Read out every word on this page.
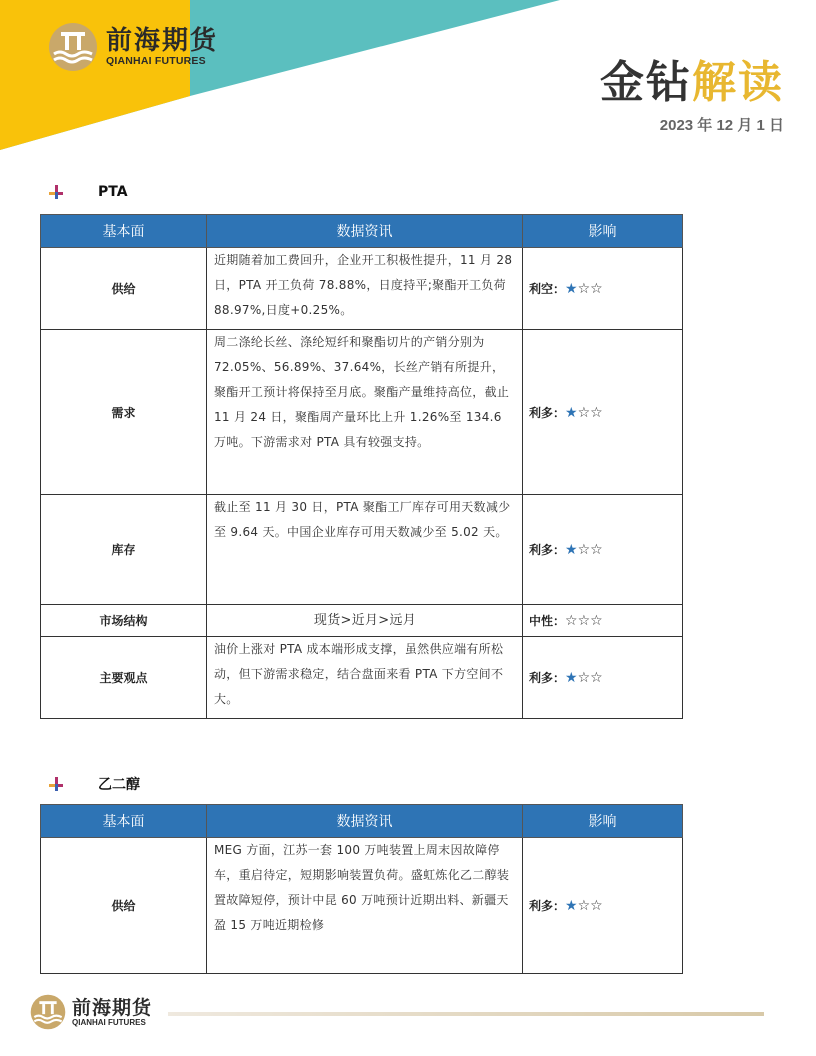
前海期货
QIANHAI FUTURES	金钻解读
2023 年 12 月 1 日
PTA
基本面	数据资讯	影响
供给	近期随着加工费回升，企业开工积极性提升，11 月 28 日，PTA 开工负荷 78.88%，日度持平;聚酯开工负荷 88.97%,日度+0.25%。	利空：★☆☆
需求	周二涤纶长丝、涤纶短纤和聚酯切片的产销分别为 72.05%、56.89%、37.64%，长丝产销有所提升，聚酯开工预计将保持至月底。聚酯产量维持高位，截止 11 月 24 日，聚酯周产量环比上升 1.26%至 134.6 万吨。下游需求对 PTA 具有较强支持。	利多：★☆☆
库存	截止至 11 月 30 日，PTA 聚酯工厂库存可用天数减少至 9.64 天。中国企业库存可用天数减少至 5.02 天。	利多：★☆☆
市场结构	现货>近月>远月	中性：☆☆☆
主要观点	油价上涨对 PTA 成本端形成支撑，虽然供应端有所松动，但下游需求稳定，结合盘面来看 PTA 下方空间不大。	利多：★☆☆
乙二醇
基本面	数据资讯	影响
供给	MEG 方面，江苏一套 100 万吨装置上周末因故障停车，重启待定，短期影响装置负荷。盛虹炼化乙二醇装置故障短停，预计中昆 60 万吨预计近期出料、新疆天盈 15 万吨近期检修	利多：★☆☆
前海期货
QIANHAI FUTURES
